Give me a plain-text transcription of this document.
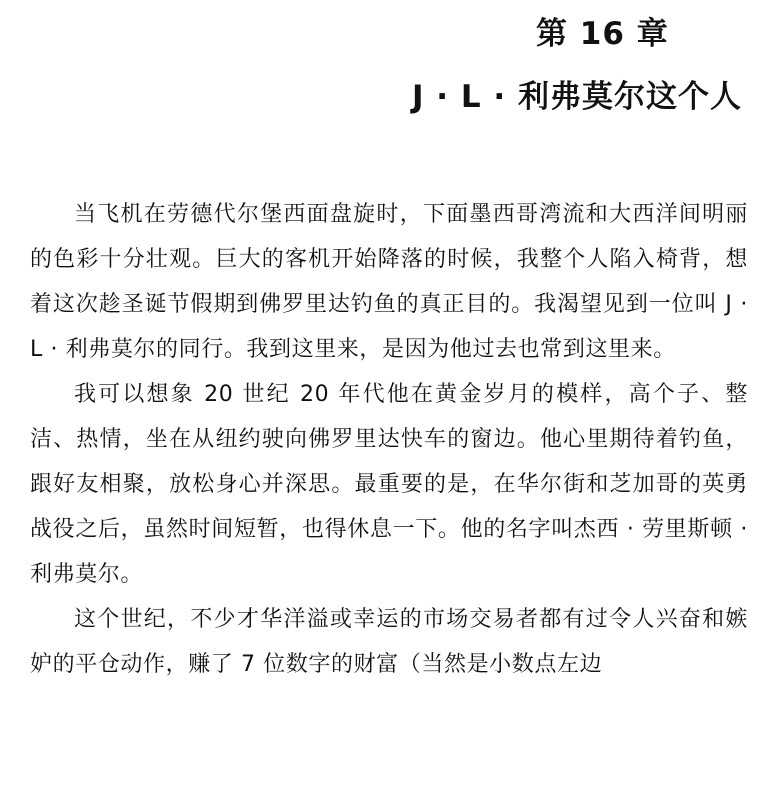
第 16 章
J · L · 利弗莫尔这个人

当飞机在劳德代尔堡西面盘旋时，下面墨西哥湾流和大西洋间明丽的色彩十分壮观。巨大的客机开始降落的时候，我整个人陷入椅背，想着这次趁圣诞节假期到佛罗里达钓鱼的真正目的。我渴望见到一位叫 J · L · 利弗莫尔的同行。我到这里来，是因为他过去也常到这里来。

我可以想象 20 世纪 20 年代他在黄金岁月的模样，高个子、整洁、热情，坐在从纽约驶向佛罗里达快车的窗边。他心里期待着钓鱼，跟好友相聚，放松身心并深思。最重要的是，在华尔街和芝加哥的英勇战役之后，虽然时间短暂，也得休息一下。他的名字叫杰西 · 劳里斯顿 · 利弗莫尔。

这个世纪，不少才华洋溢或幸运的市场交易者都有过令人兴奋和嫉妒的平仓动作，赚了 7 位数字的财富（当然是小数点左边
